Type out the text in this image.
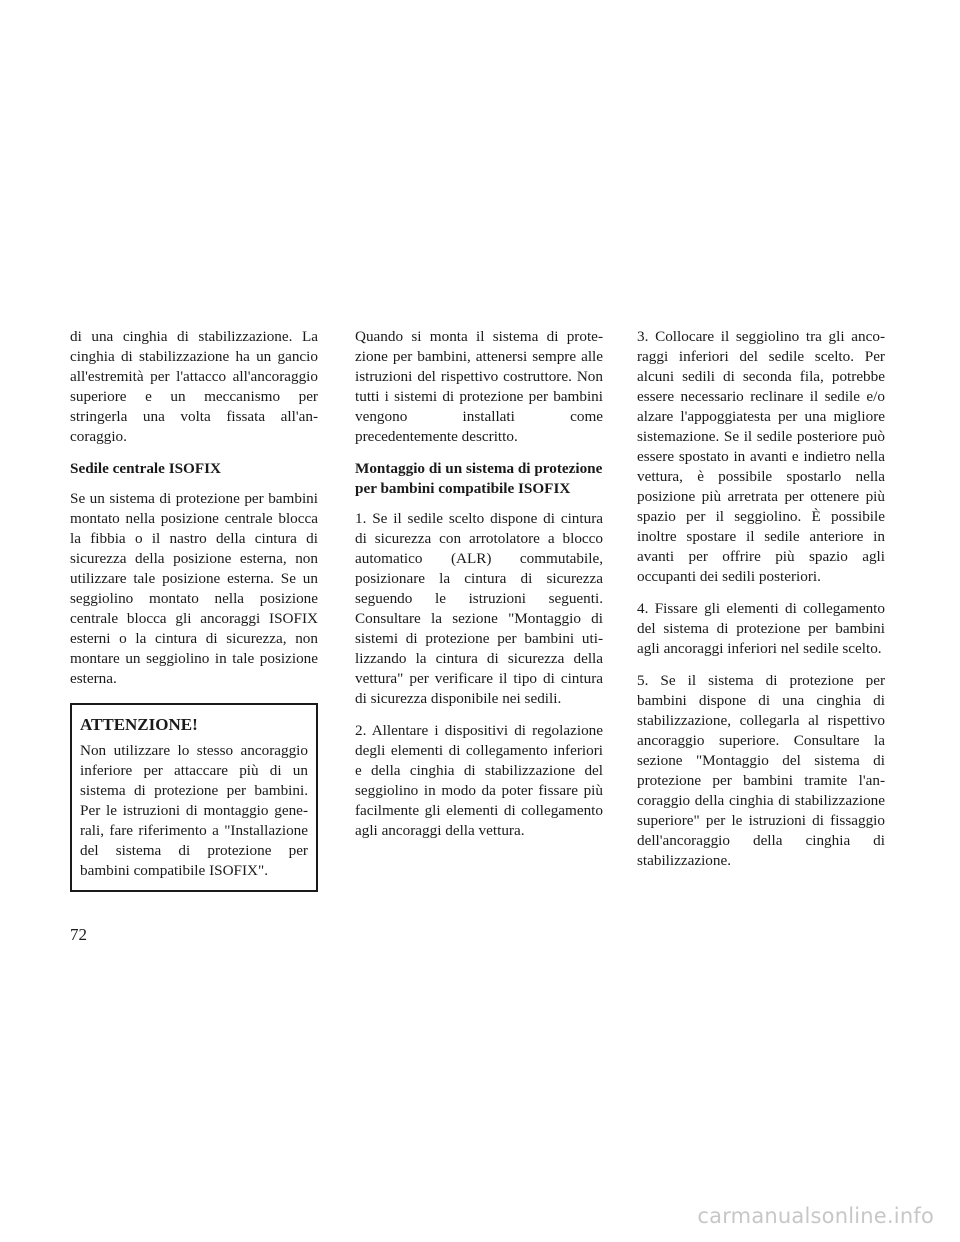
di una cinghia di stabilizzazione. La cinghia di stabilizzazione ha un gancio all'estremità per l'attacco all'ancoraggio superiore e un meccanismo per stringerla una volta fissata all'ancoraggio.

Sedile centrale ISOFIX

Se un sistema di protezione per bambini montato nella posizione centrale blocca la fibbia o il nastro della cintura di sicurezza della posizione esterna, non utilizzare tale posizione esterna. Se un seggiolino montato nella posizione centrale blocca gli ancoraggi ISOFIX esterni o la cintura di sicurezza, non montare un seggiolino in tale posizione esterna.

ATTENZIONE!

Non utilizzare lo stesso ancoraggio inferiore per attaccare più di un sistema di protezione per bambini. Per le istruzioni di montaggio generali, fare riferimento a "Installazione del sistema di protezione per bambini compatibile ISOFIX".

Quando si monta il sistema di protezione per bambini, attenersi sempre alle istruzioni del rispettivo costruttore. Non tutti i sistemi di protezione per bambini vengono installati come precedentemente descritto.

Montaggio di un sistema di protezione per bambini compatibile ISOFIX

1. Se il sedile scelto dispone di cintura di sicurezza con arrotolatore a blocco automatico (ALR) commutabile, posizionare la cintura di sicurezza seguendo le istruzioni seguenti. Consultare la sezione "Montaggio di sistemi di protezione per bambini utilizzando la cintura di sicurezza della vettura" per verificare il tipo di cintura di sicurezza disponibile nei sedili.

2. Allentare i dispositivi di regolazione degli elementi di collegamento inferiori e della cinghia di stabilizzazione del seggiolino in modo da poter fissare più facilmente gli elementi di collegamento agli ancoraggi della vettura.

3. Collocare il seggiolino tra gli ancoraggi inferiori del sedile scelto. Per alcuni sedili di seconda fila, potrebbe essere necessario reclinare il sedile e/o alzare l'appoggiatesta per una migliore sistemazione. Se il sedile posteriore può essere spostato in avanti e indietro nella vettura, è possibile spostarlo nella posizione più arretrata per ottenere più spazio per il seggiolino. È possibile inoltre spostare il sedile anteriore in avanti per offrire più spazio agli occupanti dei sedili posteriori.

4. Fissare gli elementi di collegamento del sistema di protezione per bambini agli ancoraggi inferiori nel sedile scelto.

5. Se il sistema di protezione per bambini dispone di una cinghia di stabilizzazione, collegarla al rispettivo ancoraggio superiore. Consultare la sezione "Montaggio del sistema di protezione per bambini tramite l'ancoraggio della cinghia di stabilizzazione superiore" per le istruzioni di fissaggio dell'ancoraggio della cinghia di stabilizzazione.

72
carmanualsonline.info
